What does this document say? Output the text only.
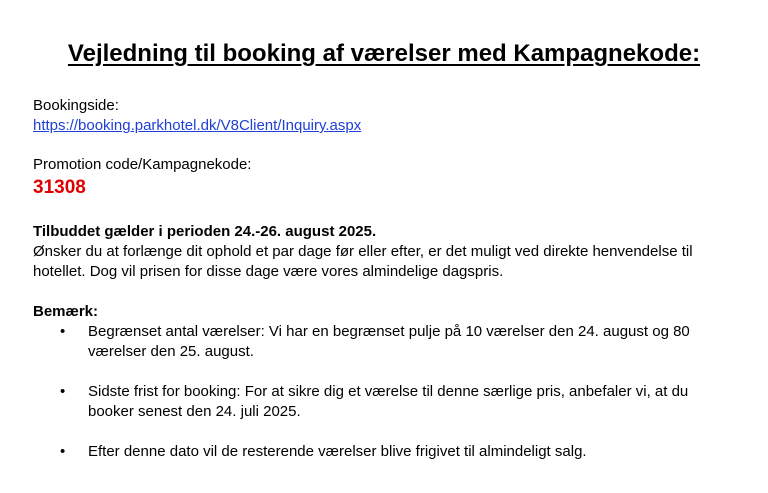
Vejledning til booking af værelser med Kampagnekode:
Bookingside:
https://booking.parkhotel.dk/V8Client/Inquiry.aspx
Promotion code/Kampagnekode:
31308
Tilbuddet gælder i perioden 24.-26. august 2025.
Ønsker du at forlænge dit ophold et par dage før eller efter, er det muligt ved direkte henvendelse til hotellet. Dog vil prisen for disse dage være vores almindelige dagspris.
Bemærk:
• Begrænset antal værelser: Vi har en begrænset pulje på 10 værelser den 24. august og 80 værelser den 25. august.
• Sidste frist for booking: For at sikre dig et værelse til denne særlige pris, anbefaler vi, at du booker senest den 24. juli 2025.
• Efter denne dato vil de resterende værelser blive frigivet til almindeligt salg.
